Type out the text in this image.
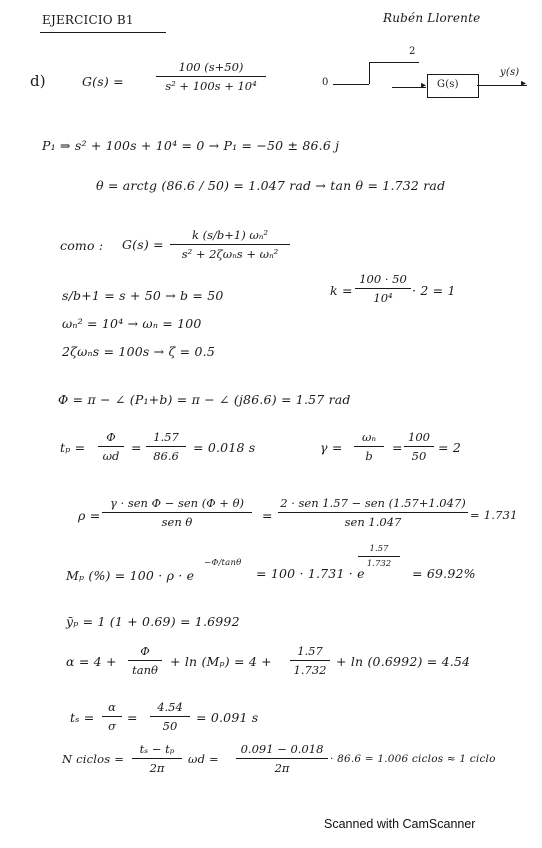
EJERCICIO B1	Rubén Llorente
d)	G(s) =
100 (s+50)
s² + 100s + 10⁴
2
0	▸ G(s)	▸
y(s)
P₁ ⇒ s² + 100s + 10⁴ = 0 → P₁ = −50 ± 86.6 j
θ = arctg (86.6 / 50) = 1.047 rad → tan θ = 1.732 rad
como : G(s) =
k (s/b+1) ωₙ²
s² + 2ζωₙs + ωₙ²
s/b+1 = s + 50 → b = 50	k =
100 · 50
10⁴ · 2 = 1
ωₙ² = 10⁴ → ωₙ = 100
2ζωₙs = 100s → ζ = 0.5
Φ = π − ∠ (P₁+b) = π − ∠ (j86.6) = 1.57 rad
tₚ =
Φ
ωd
=
1.57
86.6
= 0.018 s	γ =
ωₙ
b
=
100
50
= 2
ρ =
γ · sen Φ − sen (Φ + θ)
sen θ	=
2 · sen 1.57 − sen (1.57+1.047)
sen 1.047	= 1.731
Mₚ (%) = 100 · ρ · e
−Φ/tanθ
= 100 · 1.731 · e
1.57
1.732
= 69.92%
ȳₚ = 1 (1 + 0.69) = 1.6992
α = 4 +
Φ
tanθ
+ ln (Mₚ) = 4 +
1.57
1.732
+ ln (0.6992) = 4.54
tₛ =
α
σ
=
4.54
50
= 0.091 s
N ciclos =
tₛ − tₚ
2π
ωd =
0.091 − 0.018
2π
· 86.6 = 1.006 ciclos ≈ 1 ciclo
Scanned with CamScanner
